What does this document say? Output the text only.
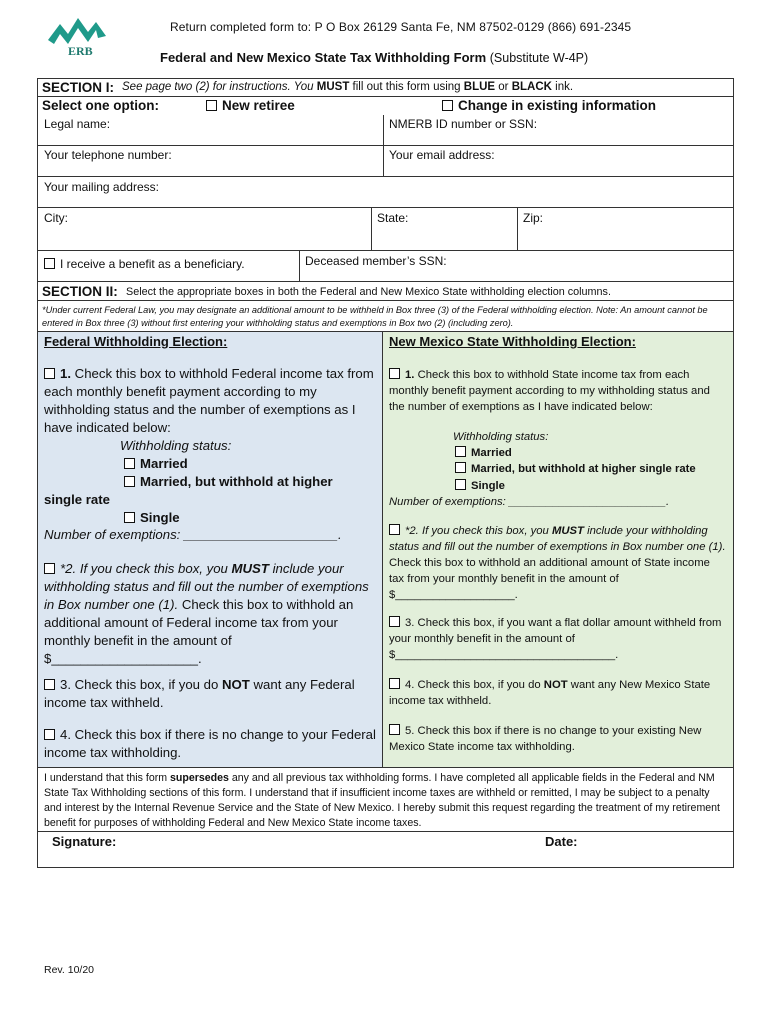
ERB
Return completed form to: P O Box 26129 Santa Fe, NM 87502-0129 (866) 691-2345
Federal and New Mexico State Tax Withholding Form (Substitute W-4P)
SECTION I: See page two (2) for instructions. You MUST fill out this form using BLUE or BLACK ink.
Select one option:	New retiree	Change in existing information
Legal name:	NMERB ID number or SSN:
Your telephone number:	Your email address:
Your mailing address:
City:	State:	Zip:
I receive a benefit as a beneficiary.	Deceased member’s SSN:
SECTION II: Select the appropriate boxes in both the Federal and New Mexico State withholding election columns.
*Under current Federal Law, you may designate an additional amount to be withheld in Box three (3) of the Federal withholding election. Note: An amount cannot be entered in Box three (3) without first entering your withholding status and exemptions in Box two (2) (including zero).
Federal Withholding Election:
1. Check this box to withhold Federal income tax from each monthly benefit payment according to my withholding status and the number of exemptions as I have indicated below:
Withholding status:
Married
Married, but withhold at higher
single rate
Single
Number of exemptions: _____________________.
*2. If you check this box, you MUST include your withholding status and fill out the number of exemptions in Box number one (1). Check this box to withhold an additional amount of Federal income tax from your monthly benefit in the amount of $____________________.
3. Check this box, if you do NOT want any Federal income tax withheld.
4. Check this box if there is no change to your Federal income tax withholding.
New Mexico State Withholding Election:
1. Check this box to withhold State income tax from each monthly benefit payment according to my withholding status and the number of exemptions as I have indicated below:
Withholding status:
Married
Married, but withhold at higher single rate
Single
Number of exemptions: _________________________.
*2. If you check this box, you MUST include your withholding status and fill out the number of exemptions in Box number one (1). Check this box to withhold an additional amount of State income tax from your monthly benefit in the amount of $___________________.
3. Check this box, if you want a flat dollar amount withheld from your monthly benefit in the amount of $___________________________________.
4. Check this box, if you do NOT want any New Mexico State income tax withheld.
5. Check this box if there is no change to your existing New Mexico State income tax withholding.
I understand that this form supersedes any and all previous tax withholding forms. I have completed all applicable fields in the Federal and NM State Tax Withholding sections of this form. I understand that if insufficient income taxes are withheld or remitted, I may be subject to a penalty and interest by the Internal Revenue Service and the State of New Mexico. I hereby submit this request regarding the treatment of my retirement benefit for purposes of withholding Federal and New Mexico State income taxes.
Signature:	Date:
Rev. 10/20
